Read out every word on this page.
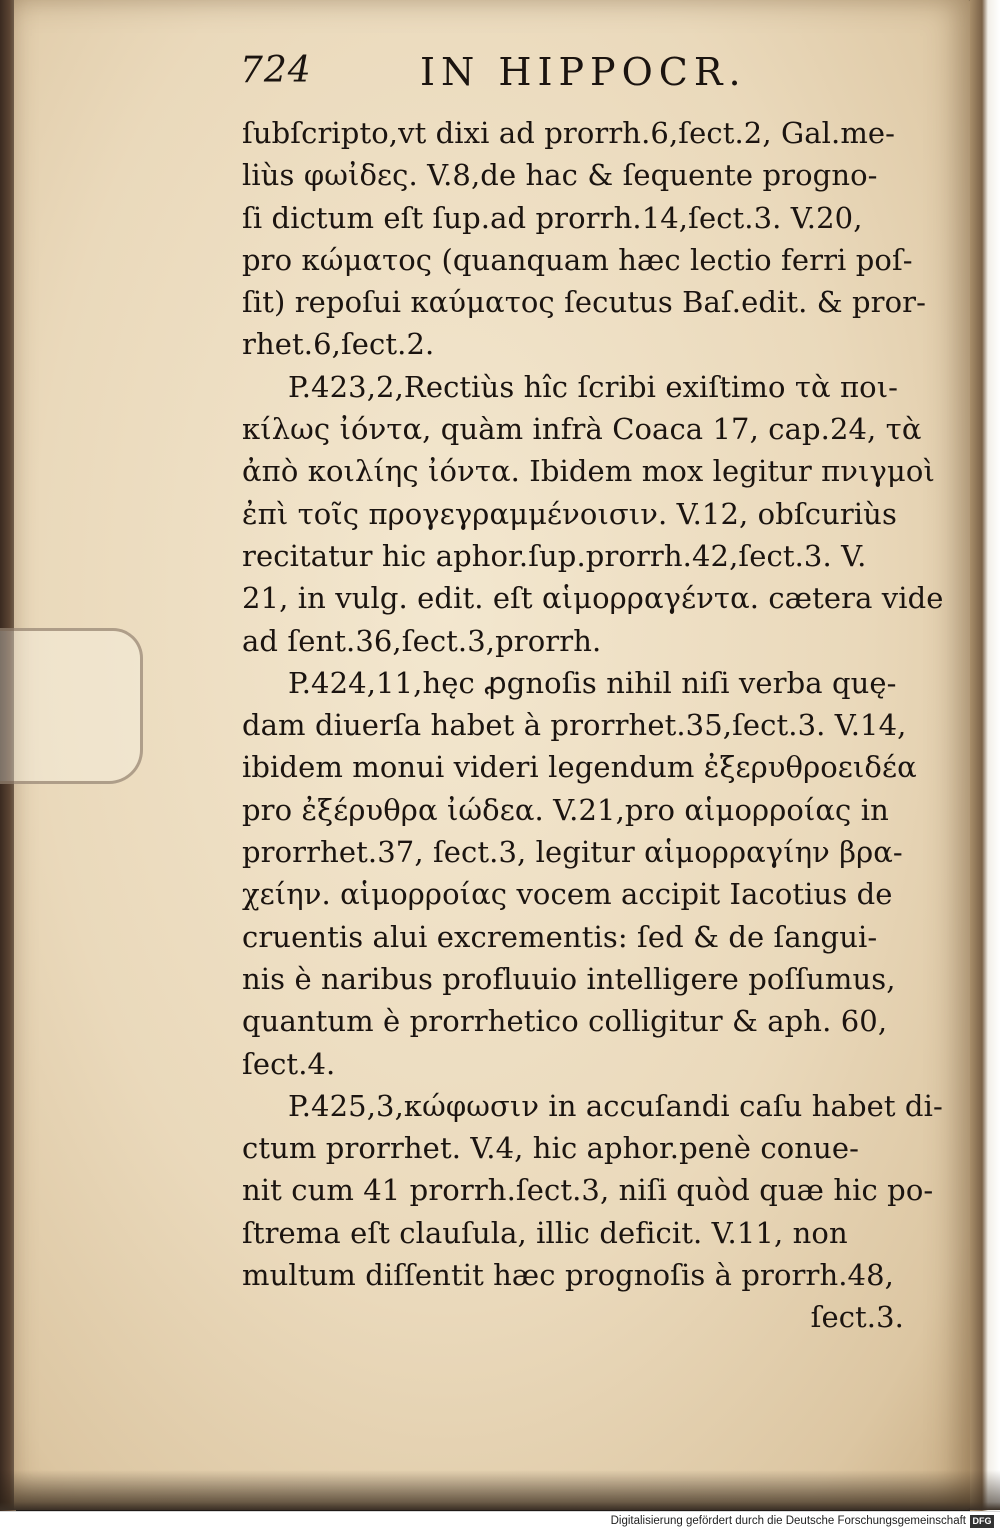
724	IN HIPPOCR.
ſubſcripto,vt dixi ad prorrh.6,ſect.2, Gal.me-
liùs φωἰδες. V.8,de hac & ſequente progno-
ſi dictum eſt ſup.ad prorrh.14,ſect.3. V.20,
pro κώματος (quanquam hæc lectio ferri poſ-
ſit) repoſui καύματος ſecutus Baſ.edit. & pror-
rhet.6,ſect.2.
P.423,2,Rectiùs hîc ſcribi exiſtimo τὰ ποι-
κίλως ἰόντα, quàm infrà Coaca 17, cap.24, τὰ
ἀπὸ κοιλίης ἰόντα. Ibidem mox legitur πνιγμοὶ
ἐπὶ τοῖς προγεγραμμένοισιν. V.12, obſcuriùs
recitatur hic aphor.ſup.prorrh.42,ſect.3. V.
21, in vulg. edit. eſt αἱμορραγέντα. cætera vide
ad ſent.36,ſect.3,prorrh.
P.424,11,hęc ꝓgnoſis nihil niſi verba quę-
dam diuerſa habet à prorrhet.35,ſect.3. V.14,
ibidem monui videri legendum ἐξερυθροειδέα
pro ἐξέρυθρα ἰώδεα. V.21,pro αἱμορροίας in
prorrhet.37, ſect.3, legitur αἱμορραγίην βρα-
χείην. αἱμορροίας vocem accipit Iacotius de
cruentis alui excrementis: ſed & de ſangui-
nis è naribus profluuio intelligere poſſumus,
quantum è prorrhetico colligitur & aph. 60,
ſect.4.
P.425,3,κώφωσιν in accuſandi caſu habet di-
ctum prorrhet. V.4, hic aphor.penè conue-
nit cum 41 prorrh.ſect.3, niſi quòd quæ hic po-
ſtrema eſt clauſula, illic deficit. V.11, non
multum diſſentit hæc prognoſis à prorrh.48,
ſect.3.
Digitalisierung gefördert durch die Deutsche Forschungsgemeinschaft DFG
